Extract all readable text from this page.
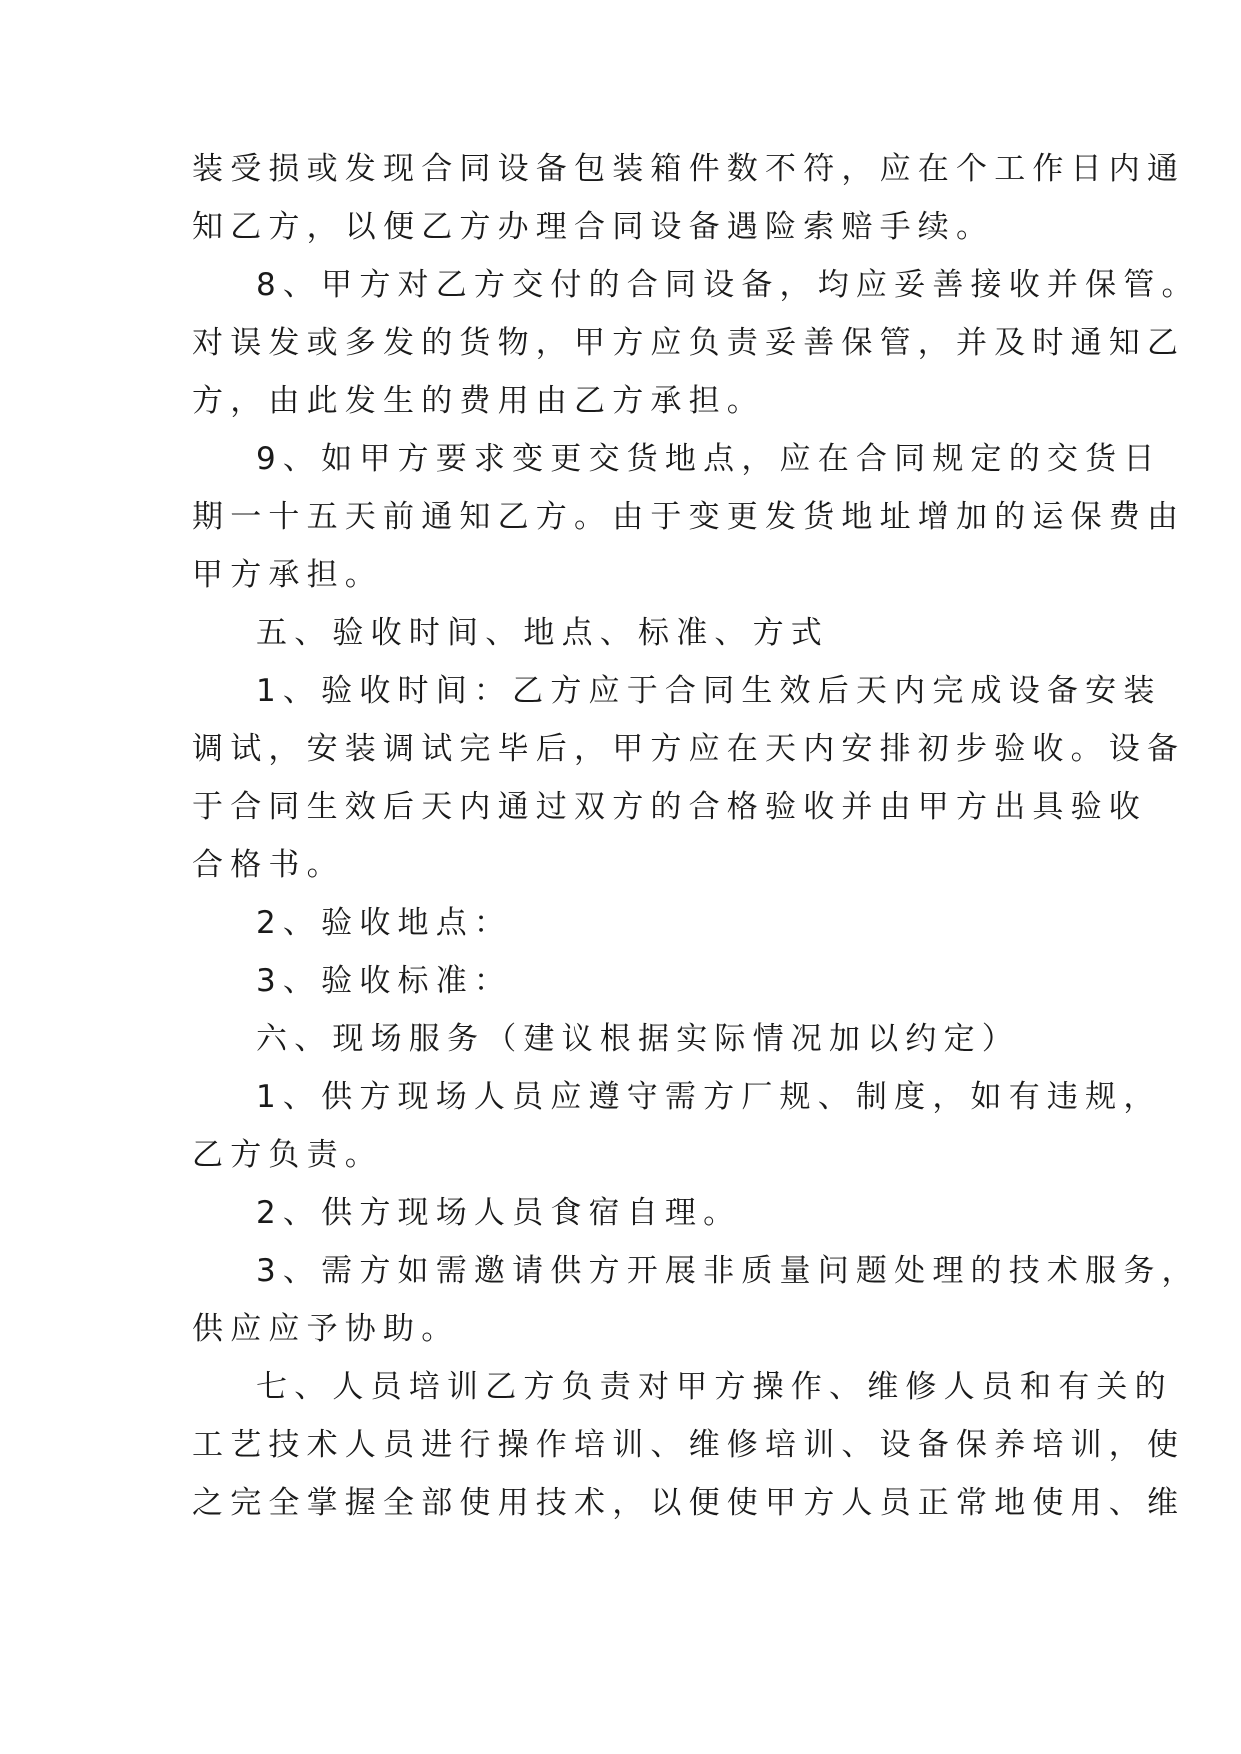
装受损或发现合同设备包装箱件数不符，应在个工作日内通
知乙方，以便乙方办理合同设备遇险索赔手续。
8、甲方对乙方交付的合同设备，均应妥善接收并保管。
对误发或多发的货物，甲方应负责妥善保管，并及时通知乙
方，由此发生的费用由乙方承担。
9、如甲方要求变更交货地点，应在合同规定的交货日
期一十五天前通知乙方。由于变更发货地址增加的运保费由
甲方承担。
五、验收时间、地点、标准、方式
1、验收时间：乙方应于合同生效后天内完成设备安装
调试，安装调试完毕后，甲方应在天内安排初步验收。设备
于合同生效后天内通过双方的合格验收并由甲方出具验收
合格书。
2、验收地点：
3、验收标准：
六、现场服务（建议根据实际情况加以约定）
1、供方现场人员应遵守需方厂规、制度，如有违规，
乙方负责。
2、供方现场人员食宿自理。
3、需方如需邀请供方开展非质量问题处理的技术服务，
供应应予协助。
七、人员培训乙方负责对甲方操作、维修人员和有关的
工艺技术人员进行操作培训、维修培训、设备保养培训，使
之完全掌握全部使用技术，以便使甲方人员正常地使用、维
